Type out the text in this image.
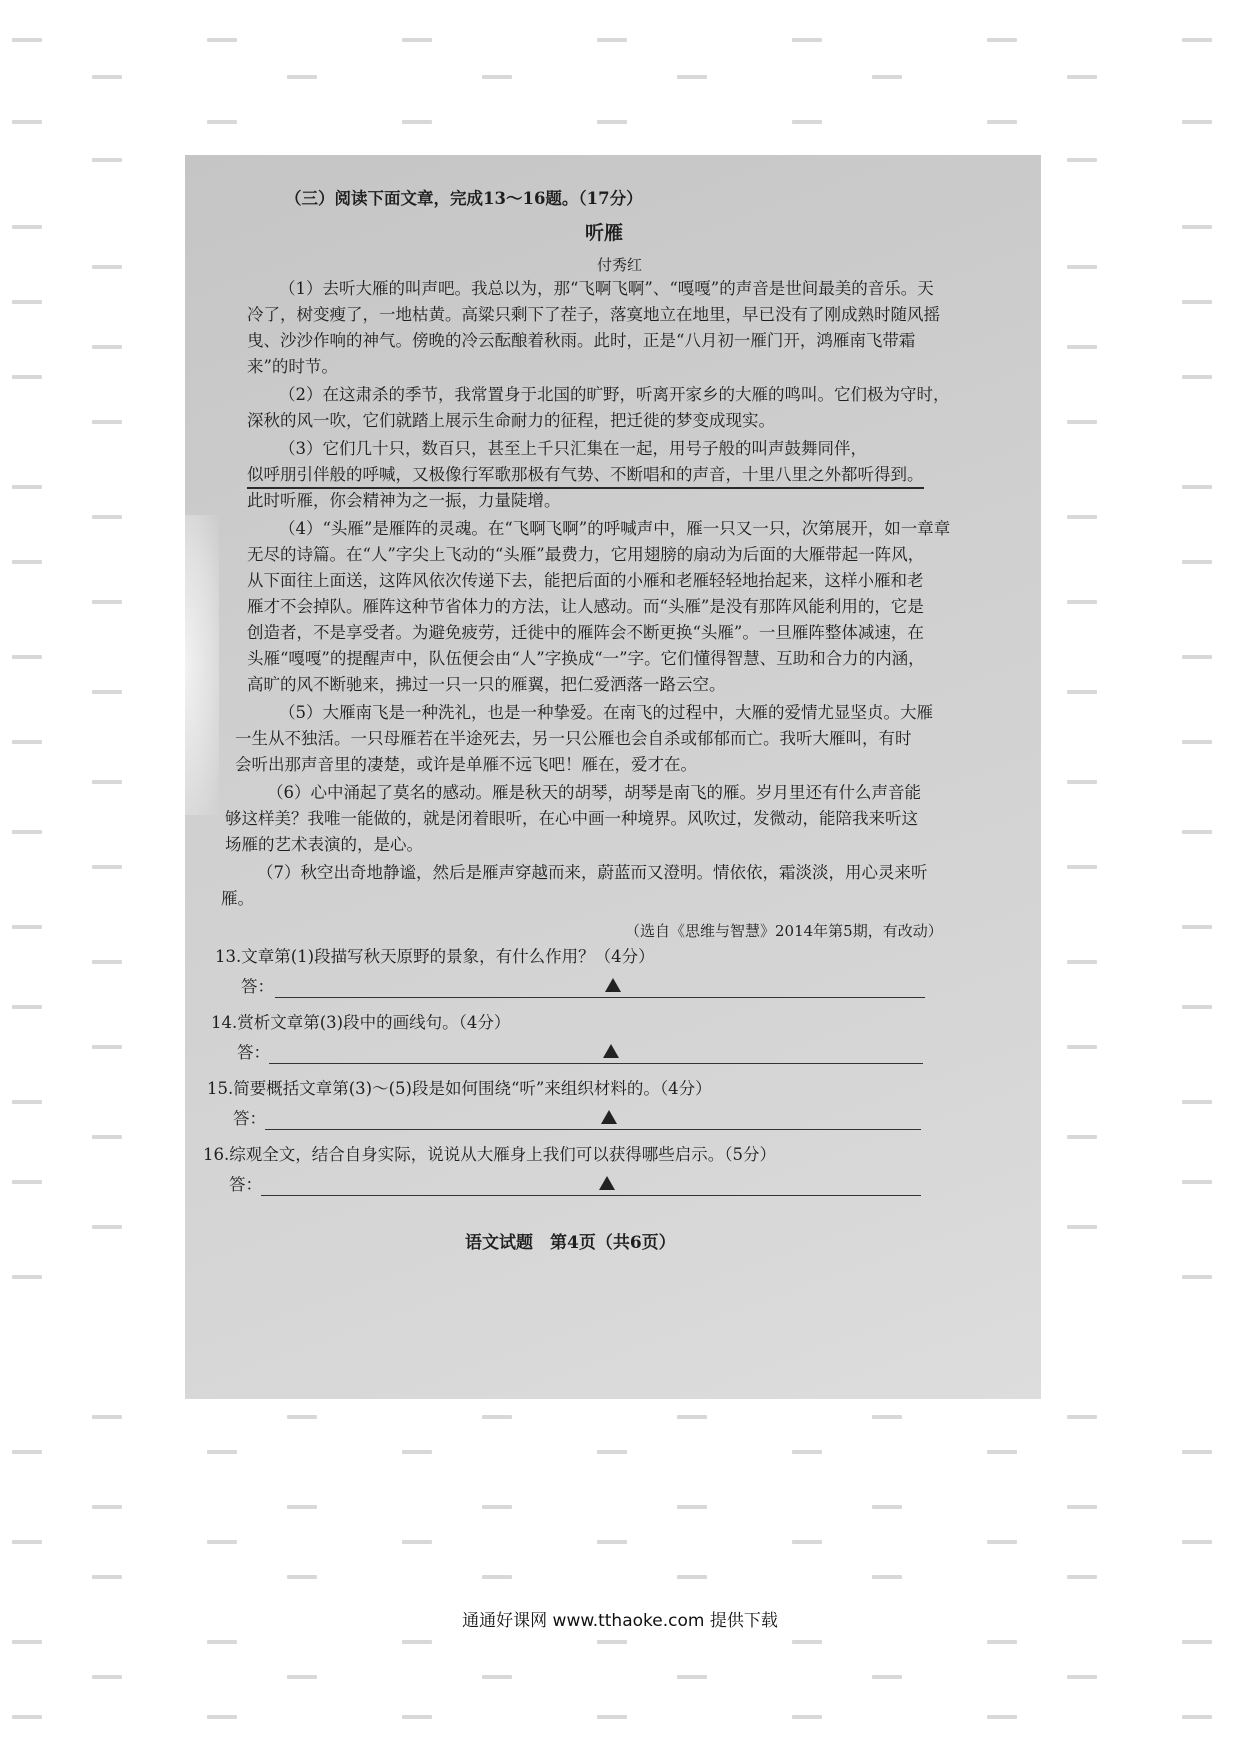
（三）阅读下面文章，完成13～16题。（17分）
听雁
付秀红
（1）去听大雁的叫声吧。我总以为，那“飞啊飞啊”、“嘎嘎”的声音是世间最美的音乐。天
冷了，树变瘦了，一地枯黄。高粱只剩下了茬子，落寞地立在地里，早已没有了刚成熟时随风摇
曳、沙沙作响的神气。傍晚的冷云酝酿着秋雨。此时，正是“八月初一雁门开，鸿雁南飞带霜
来”的时节。
（2）在这肃杀的季节，我常置身于北国的旷野，听离开家乡的大雁的鸣叫。它们极为守时，
深秋的风一吹，它们就踏上展示生命耐力的征程，把迁徙的梦变成现实。
（3）它们几十只，数百只，甚至上千只汇集在一起，用号子般的叫声鼓舞同伴，
似呼朋引伴般的呼喊，又极像行军歌那极有气势、不断唱和的声音，十里八里之外都听得到。
此时听雁，你会精神为之一振，力量陡增。
（4）“头雁”是雁阵的灵魂。在“飞啊飞啊”的呼喊声中，雁一只又一只，次第展开，如一章章
无尽的诗篇。在“人”字尖上飞动的“头雁”最费力，它用翅膀的扇动为后面的大雁带起一阵风，
从下面往上面送，这阵风依次传递下去，能把后面的小雁和老雁轻轻地抬起来，这样小雁和老
雁才不会掉队。雁阵这种节省体力的方法，让人感动。而“头雁”是没有那阵风能利用的，它是
创造者，不是享受者。为避免疲劳，迁徙中的雁阵会不断更换“头雁”。一旦雁阵整体减速，在
头雁“嘎嘎”的提醒声中，队伍便会由“人”字换成“一”字。它们懂得智慧、互助和合力的内涵，
高旷的风不断驰来，拂过一只一只的雁翼，把仁爱洒落一路云空。
（5）大雁南飞是一种洗礼，也是一种挚爱。在南飞的过程中，大雁的爱情尤显坚贞。大雁
一生从不独活。一只母雁若在半途死去，另一只公雁也会自杀或郁郁而亡。我听大雁叫，有时
会听出那声音里的凄楚，或许是单雁不远飞吧！雁在，爱才在。
（6）心中涌起了莫名的感动。雁是秋天的胡琴，胡琴是南飞的雁。岁月里还有什么声音能
够这样美？我唯一能做的，就是闭着眼听，在心中画一种境界。风吹过，发微动，能陪我来听这
场雁的艺术表演的，是心。
（7）秋空出奇地静谧，然后是雁声穿越而来，蔚蓝而又澄明。情依依，霜淡淡，用心灵来听
雁。
（选自《思维与智慧》2014年第5期，有改动）
13.文章第(1)段描写秋天原野的景象，有什么作用？（4分）
答：
14.赏析文章第(3)段中的画线句。（4分）
答：
15.简要概括文章第(3)～(5)段是如何围绕“听”来组织材料的。（4分）
答：
16.综观全文，结合自身实际，说说从大雁身上我们可以获得哪些启示。（5分）
答：
语文试题　第4页（共6页）
通通好课网 www.tthaoke.com 提供下载
